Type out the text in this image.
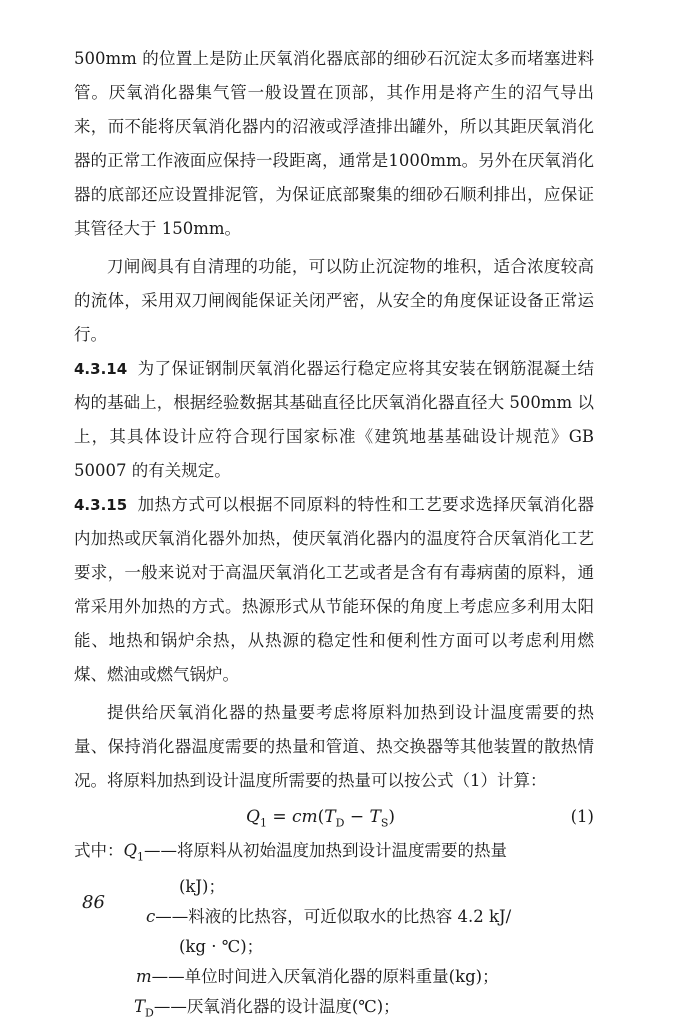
500mm 的位置上是防止厌氧消化器底部的细砂石沉淀太多而堵塞进料管。厌氧消化器集气管一般设置在顶部，其作用是将产生的沼气导出来，而不能将厌氧消化器内的沼液或浮渣排出罐外，所以其距厌氧消化器的正常工作液面应保持一段距离，通常是1000mm。另外在厌氧消化器的底部还应设置排泥管，为保证底部聚集的细砂石顺利排出，应保证其管径大于 150mm。

刀闸阀具有自清理的功能，可以防止沉淀物的堆积，适合浓度较高的流体，采用双刀闸阀能保证关闭严密，从安全的角度保证设备正常运行。

4.3.14 为了保证钢制厌氧消化器运行稳定应将其安装在钢筋混凝土结构的基础上，根据经验数据其基础直径比厌氧消化器直径大 500mm 以上，其具体设计应符合现行国家标准《建筑地基基础设计规范》GB 50007 的有关规定。

4.3.15 加热方式可以根据不同原料的特性和工艺要求选择厌氧消化器内加热或厌氧消化器外加热，使厌氧消化器内的温度符合厌氧消化工艺要求，一般来说对于高温厌氧消化工艺或者是含有有毒病菌的原料，通常采用外加热的方式。热源形式从节能环保的角度上考虑应多利用太阳能、地热和锅炉余热，从热源的稳定性和便利性方面可以考虑利用燃煤、燃油或燃气锅炉。

提供给厌氧消化器的热量要考虑将原料加热到设计温度需要的热量、保持消化器温度需要的热量和管道、热交换器等其他装置的散热情况。将原料加热到设计温度所需要的热量可以按公式（1）计算：

$Q_1 = cm(T_D - T_S)$	(1)
式中：$Q_1——$将原料从初始温度加热到设计温度需要的热量
(kJ)；
c——料液的比热容，可近似取水的比热容 4.2 kJ/
(kg · ℃)；
m——单位时间进入厌氧消化器的原料重量(kg)；
$T_D——$厌氧消化器的设计温度(℃)；
86
